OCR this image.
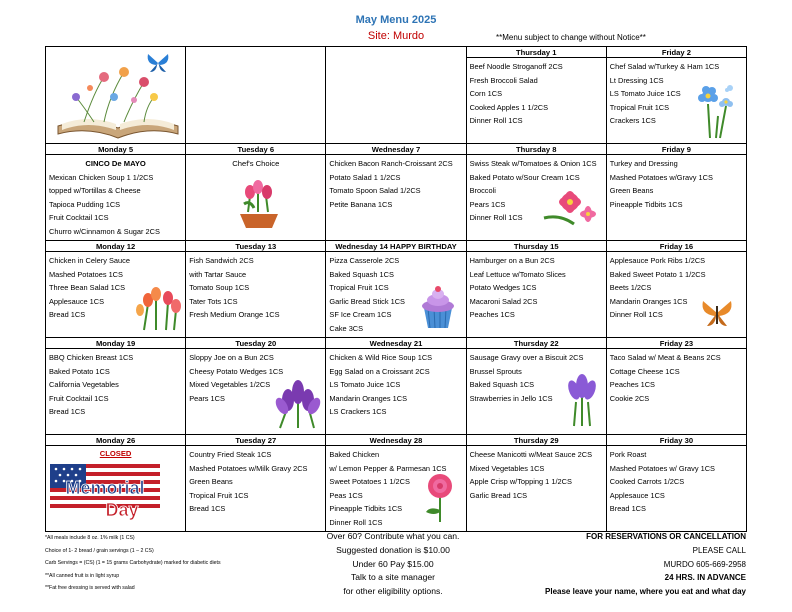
May Menu 2025
Site: Murdo	**Menu subject to change without Notice**
Thursday 1
Beef Noodle Stroganoff 2CS
Fresh Broccoli Salad
Corn 1CS
Cooked Apples 1 1/2CS
Dinner Roll 1CS
Friday 2
Chef Salad w/Turkey & Ham 1CS
Lt Dressing 1CS
LS Tomato Juice 1CS
Tropical Fruit 1CS
Crackers 1CS
Monday 5
CINCO De MAYO
Mexican Chicken Soup 1 1/2CS
topped w/Tortillas & Cheese
Tapioca Pudding 1CS
Fruit Cocktail 1CS
Churro w/Cinnamon & Sugar 2CS
Tuesday 6
Chef's Choice
Wednesday 7
Chicken Bacon Ranch-Croissant 2CS
Potato Salad 1 1/2CS
Tomato Spoon Salad 1/2CS
Petite Banana 1CS
Thursday 8
Swiss Steak w/Tomatoes & Onion 1CS
Baked Potato w/Sour Cream 1CS
Broccoli
Pears 1CS
Dinner Roll 1CS
Friday 9
Turkey and Dressing
Mashed Potatoes w/Gravy 1CS
Green Beans
Pineapple Tidbits 1CS
Monday 12
Chicken in Celery Sauce
Mashed Potatoes 1CS
Three Bean Salad 1CS
Applesauce 1CS
Bread 1CS
Tuesday 13
Fish Sandwich 2CS
with Tartar Sauce
Tomato Soup 1CS
Tater Tots 1CS
Fresh Medium Orange 1CS
Wednesday 14 HAPPY BIRTHDAY
Pizza Casserole 2CS
Baked Squash 1CS
Tropical Fruit 1CS
Garlic Bread Stick 1CS
SF Ice Cream 1CS
Cake 3CS
Thursday 15
Hamburger on a Bun 2CS
Leaf Lettuce w/Tomato Slices
Potato Wedges 1CS
Macaroni Salad 2CS
Peaches 1CS
Friday 16
Applesauce Pork Ribs 1/2CS
Baked Sweet Potato 1 1/2CS
Beets 1/2CS
Mandarin Oranges 1CS
Dinner Roll 1CS
Monday 19
BBQ Chicken Breast 1CS
Baked Potato 1CS
California Vegetables
Fruit Cocktail 1CS
Bread 1CS
Tuesday 20
Sloppy Joe on a Bun 2CS
Cheesy Potato Wedges 1CS
Mixed Vegetables 1/2CS
Pears 1CS
Wednesday 21
Chicken & Wild Rice Soup 1CS
Egg Salad on a Croissant 2CS
LS Tomato Juice 1CS
Mandarin Oranges 1CS
LS Crackers 1CS
Thursday 22
Sausage Gravy over a Biscuit 2CS
Brussel Sprouts
Baked Squash 1CS
Strawberries in Jello 1CS
Friday 23
Taco Salad w/ Meat & Beans 2CS
Cottage Cheese 1CS
Peaches 1CS
Cookie 2CS
Monday 26
CLOSED
Tuesday 27
Country Fried Steak 1CS
Mashed Potatoes w/Milk Gravy 2CS
Green Beans
Tropical Fruit 1CS
Bread 1CS
Wednesday 28
Baked Chicken
w/ Lemon Pepper & Parmesan 1CS
Sweet Potatoes 1 1/2CS
Peas 1CS
Pineapple Tidbits 1CS
Dinner Roll 1CS
Thursday 29
Cheese Manicotti w/Meat Sauce 2CS
Mixed Vegetables 1CS
Apple Crisp w/Topping 1 1/2CS
Garlic Bread 1CS
Friday 30
Pork Roast
Mashed Potatoes w/ Gravy 1CS
Cooked Carrots 1/2CS
Applesauce 1CS
Bread 1CS
Memorial
Day
*All meals include 8 oz. 1% milk (1 CS)
Choice of 1- 2 bread / grain servings (1 – 2 CS)
Carb Servings = (CS) (1 = 15 grams Carbohydrate) marked for diabetic diets
**All canned fruit is in light syrup
**Fat free dressing is served with salad
Over 60? Contribute what you can.
Suggested donation is $10.00
Under 60 Pay $15.00
Talk to a site manager
for other eligibility options.
FOR RESERVATIONS OR CANCELLATION
PLEASE CALL
MURDO 605-669-2958
24 HRS. IN ADVANCE
Please leave your name, where you eat and what day
